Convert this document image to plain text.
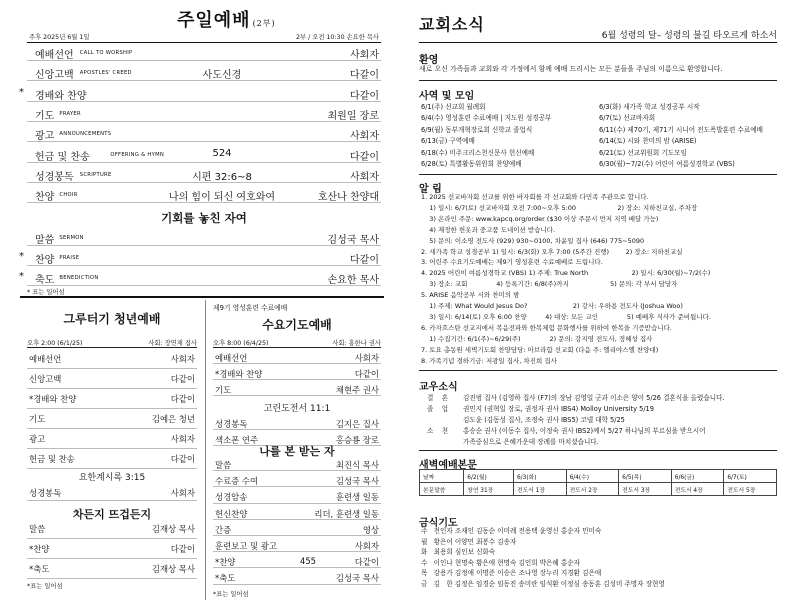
주일예배 (2부)
주후 2025년 6월 1일	2부 / 오전 10:30 손요한 목사
예배선언 CALL TO WORSHIP	사회자
신앙고백 APOSTLES' CREED	사도신경	다같이
* 경배와 찬양	다같이
기도 PRAYER	최원일 장로
광고 ANNOUNCEMENTS	사회자
헌금 및 찬송	OFFERING & HYMN	524	다같이
성경봉독 SCRIPTURE	시편 32:6~8	사회자
찬양 CHOIR	나의 힘이 되신 여호와여	호산나 찬양대
기회를 놓친 자여
말씀 SERMON	김성국 목사
* 찬양 PRAISE	다같이
* 축도 BENEDICTION	손요한 목사
* 표는 일어섬
그루터기 청년예배
오후 2:00 (6/1/25)	사회: 장연재 집사
예배선언	사회자
신앙고백	다같이
*경배와 찬양	다같이
기도	김예은 청년
광고	사회자
헌금 및 찬송	다같이
요한계시록 3:15
성경봉독	사회자
차든지 뜨겁든지
말씀	김재상 목사
*찬양	다같이
*축도	김재상 목사
*표는 일어섬
제9기 영성훈련 수료예배
수요기도예배
오후 8:00 (6/4/25)	사회: 홍한나 권사
예배선언	사회자
*경배와 찬양	다같이
기도	채현주 권사
고린도전서 11:1
성경봉독	김지은 집사
색소폰 연주	홍승룡 장로
나를 본 받는 자
말씀	최진식 목사
수료증 수여	김성국 목사
성경암송	훈련생 일동
헌신찬양	리더, 훈련생 일동
간증	영상
훈련보고 및 광고	사회자
*찬양	455	다같이
*축도	김성국 목사
*표는 일어섬
교회소식
6월 성령의 달– 성령의 불길 타오르게 하소서
환영
새로 오신 가족들과 교회와 각 가정에서 함께 예배 드리시는 모든 분들을 주님의 이름으로 환영합니다.
사역 및 모임
6/1(주) 선교회 월례회	6/3(화) 새가족 학교 성경공부 시작
6/4(수) 영성훈련 수료예배 | 지도원 성경공부	6/7(토) 선교바자회
6/9(월) 동부개혁장로회 신학교 졸업식	6/11(수) 제70기, 제71기 시니어 전도폭발훈련 수료예배
6/13(금) 구역예배	6/14(토) 시와 찬미의 밤 (ARISE)
6/18(수) 미주크리스천신문사 헌신예배	6/21(토) 선교위원회 기도모임
6/28(토) 특별활동위원회 찬양예배	6/30(월)~7/2(수) 어린이 여름성경학교 (VBS)
알 림
1. 2025 선교바자회 선교를 위한 바자회를 각 선교회와 다민족 주관으로 합니다.
1) 일시: 6/7(토) 선교바자회 오전 7:00~오후 5:00                    2) 장소: 지하친교실, 주차장
3) 온라인 주문: www.kapcq.org/order ($30 이상 주문시 먼저 지역 배달 가능)
4) 재정한 헌옷과 중고품 도네이션 받습니다.
5) 문의: 이소영 전도사 (929) 930~0100, 차윤일 집사 (646) 775~5090
2. 새가족 학교 성경공부 1) 일시: 6/3(화) 오후 7:00 (5주간 진행)        2) 장소: 지하친교실
3. 어린주 수요기도예배는 제9기 영성훈련 수료예배로 드립니다.
4. 2025 어린이 여름성경학교 (VBS) 1) 주제: True North                     2) 일시: 6/30(월)~7/2(수)
3) 장소: 교회              4) 등록기간: 6/8(주)까지                    5) 문의: 각 부서 담당자
5. ARISE 음악공부 시와 찬미의 밤
1) 주제: What Would Jesus Do?                      2) 강사: 우하용 전도사 (Joshua Woo)
3) 일시: 6/14(토) 오후 6:00 찬양         4) 대상: 모든 교인              5) 예배후 식사가 준비됩니다.
6. 카자흐스탄 선교지에서 복음전파와 한복체험 문화행사를 위하여 한복을 기증받습니다.
1) 수집기간: 6/1(주)~6/29(주)              2) 문의: 강지영 전도사, 정혜성 집사
7. 토요 총동원 새벽기도회 찬양담당: 아브라함 선교회 (다음 주: 엘리야스엘 찬양대)
8. 가족기념 경하기금: 저광일 집사, 차진희 집사
교우소식
결    혼 김진범 집사 (김영하 집사 (F7)의 장남 김영일 군과 이소은 양이 5/26 결혼식을 올렸습니다.
졸    업 권민지 (권혁일 장로, 권정자 권사 IBS4) Molloy University 5/19
김도윤 (김동성 집사, 조정숙 권사 IBS5) 코넬 대학 5/25
소    천 홍승순 권사 (이동수 집사, 이정숙 권사 IBS2)께서 5/27 하나님의 부르심을 받으시어
가족중심으로 은혜가운데 장례를 마치셨습니다.
새벽예배본문
날짜	6/2(월)	6/3(화)	6/4(수)	6/5(목)	6/6(금)	6/7(토)
본문말씀	창연 31장	전도서 1장	전도서 2장	전도서 3장	전도서 4장	전도서 5장
금식기도
주   전인자 조재인 김동순 이미례 전용택 윤영신 홍순자 민미숙
월   황은어 이양민 최봉수 김송자
화   최용희 심인보 신화숙
수   이인나 현명숙 황은애 현명숙 김인희 박은혜 홍순자
목   강용가 김정애 이명준 이승은 조나영 장누리 지경환 김은애
금   김   한 김정은 임경순 임동진 송미란 임석환 이정심 송동훈 김성미 주명자 장현영
